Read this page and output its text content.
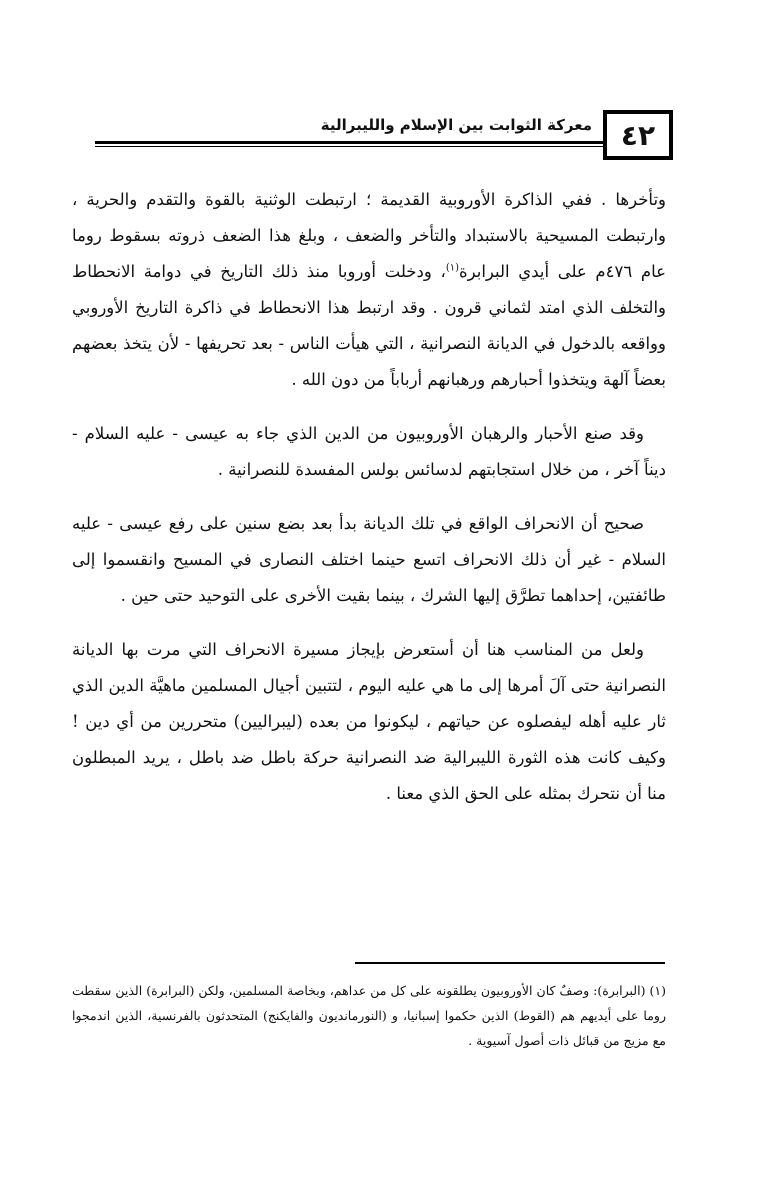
٤٢
معركة الثوابت بين الإسلام والليبرالية

وتأخرها . ففي الذاكرة الأوروبية القديمة ؛ ارتبطت الوثنية بالقوة والتقدم والحرية ، وارتبطت المسيحية بالاستبداد والتأخر والضعف ، وبلغ هذا الضعف ذروته بسقوط روما عام ٤٧٦م على أيدي البرابرة$^{(١)}$، ودخلت أوروبا منذ ذلك التاريخ في دوامة الانحطاط والتخلف الذي امتد لثماني قرون . وقد ارتبط هذا الانحطاط في ذاكرة التاريخ الأوروبي وواقعه بالدخول في الديانة النصرانية ، التي هيأت الناس - بعد تحريفها - لأن يتخذ بعضهم بعضاً آلهة ويتخذوا أحبارهم ورهبانهم أرباباً من دون الله .

وقد صنع الأحبار والرهبان الأوروبيون من الدين الذي جاء به عيسى - عليه السلام - ديناً آخر ، من خلال استجابتهم لدسائس بولس المفسدة للنصرانية .

صحيح أن الانحراف الواقع في تلك الديانة بدأ بعد بضع سنين على رفع عيسى - عليه السلام - غير أن ذلك الانحراف اتسع حينما اختلف النصارى في المسيح وانقسموا إلى طائفتين، إحداهما تطرَّق إليها الشرك ، بينما بقيت الأخرى على التوحيد حتى حين .

ولعل من المناسب هنا أن أستعرض بإيجاز مسيرة الانحراف التي مرت بها الديانة النصرانية حتى آلَ أمرها إلى ما هي عليه اليوم ، لتتبين أجيال المسلمين ماهيَّة الدين الذي ثار عليه أهله ليفصلوه عن حياتهم ، ليكونوا من بعده (ليبراليين) متحررين من أي دين ! وكيف كانت هذه الثورة الليبرالية ضد النصرانية حركة باطل ضد باطل ، يريد المبطلون منا أن نتحرك بمثله على الحق الذي معنا .

(١) (البرابرة): وصفٌ كان الأوروبيون يطلقونه على كل من عداهم، وبخاصة المسلمين، ولكن (البرابرة) الذين سقطت روما على أيديهم هم (القوط) الذين حكموا إسبانيا، و (النورمانديون والفايكنج) المتحدثون بالفرنسية، الذين اندمجوا مع مزيج من قبائل ذات أصول آسيوية .
